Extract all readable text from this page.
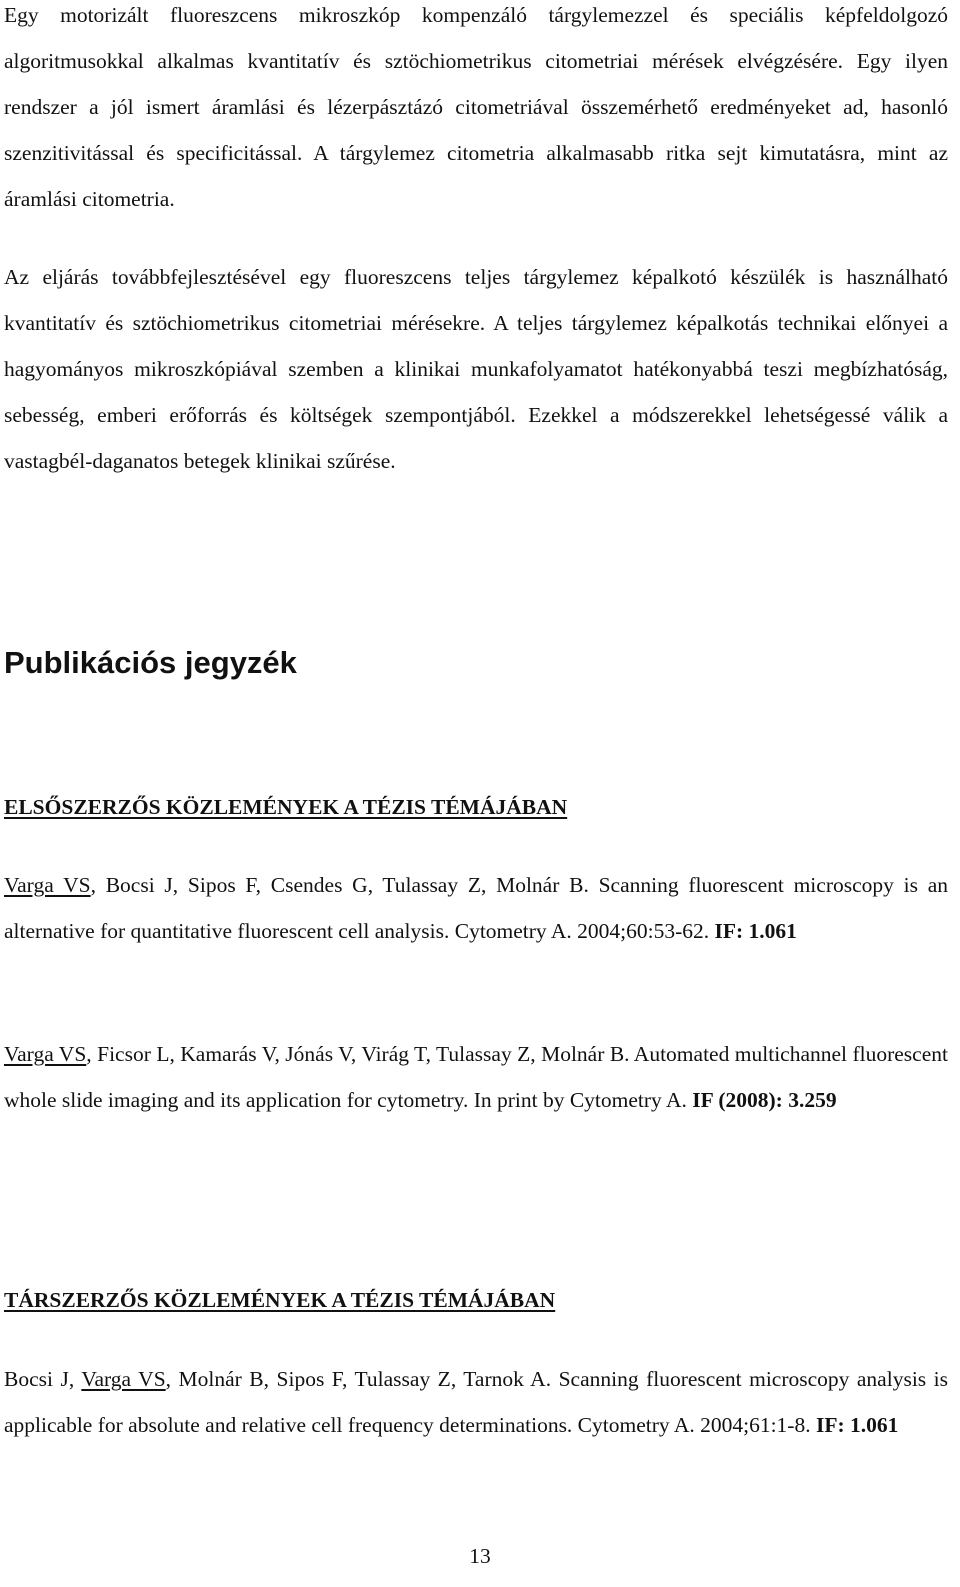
Egy motorizált fluoreszcens mikroszkóp kompenzáló tárgylemezzel és speciális képfeldolgozó algoritmusokkal alkalmas kvantitatív és sztöchiometrikus citometriai mérések elvégzésére. Egy ilyen rendszer a jól ismert áramlási és lézerpásztázó citometriával összemérhető eredményeket ad, hasonló szenzitivitással és specificitással. A tárgylemez citometria alkalmasabb ritka sejt kimutatásra, mint az áramlási citometria.

Az eljárás továbbfejlesztésével egy fluoreszcens teljes tárgylemez képalkotó készülék is használható kvantitatív és sztöchiometrikus citometriai mérésekre. A teljes tárgylemez képalkotás technikai előnyei a hagyományos mikroszkópiával szemben a klinikai munkafolyamatot hatékonyabbá teszi megbízhatóság, sebesség, emberi erőforrás és költségek szempontjából. Ezekkel a módszerekkel lehetségessé válik a vastagbél-daganatos betegek klinikai szűrése.

Publikációs jegyzék
ELSŐSZERZŐS KÖZLEMÉNYEK A TÉZIS TÉMÁJÁBAN

Varga VS, Bocsi J, Sipos F, Csendes G, Tulassay Z, Molnár B. Scanning fluorescent microscopy is an alternative for quantitative fluorescent cell analysis. Cytometry A. 2004;60:53-62. IF: 1.061

Varga VS, Ficsor L, Kamarás V, Jónás V, Virág T, Tulassay Z, Molnár B. Automated multichannel fluorescent whole slide imaging and its application for cytometry. In print by Cytometry A. IF (2008): 3.259

TÁRSZERZŐS KÖZLEMÉNYEK A TÉZIS TÉMÁJÁBAN

Bocsi J, Varga VS, Molnár B, Sipos F, Tulassay Z, Tarnok A. Scanning fluorescent microscopy analysis is applicable for absolute and relative cell frequency determinations. Cytometry A. 2004;61:1-8. IF: 1.061

13
